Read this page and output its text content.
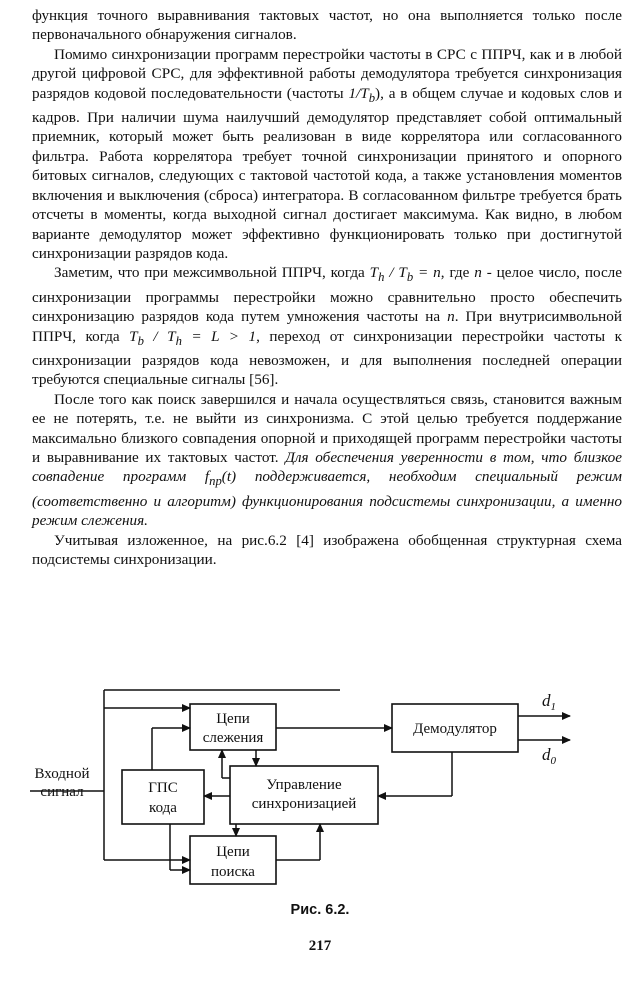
функция точного выравнивания тактовых частот, но она выполняется только после первоначального обнаружения сигналов.

Помимо синхронизации программ перестройки частоты в СРС с ППРЧ, как и в любой другой цифровой СРС, для эффективной работы демодулятора требуется синхронизация разрядов кодовой последовательности (частоты $1/T_b$), а в общем случае и кодовых слов и кадров. При наличии шума наилучший демодулятор представляет собой оптимальный приемник, который может быть реализован в виде коррелятора или согласованного фильтра. Работа коррелятора требует точной синхронизации принятого и опорного битовых сигналов, следующих с тактовой частотой кода, а также установления моментов включения и выключения (сброса) интегратора. В согласованном фильтре требуется брать отсчеты в моменты, когда выходной сигнал достигает максимума. Как видно, в любом варианте демодулятор может эффективно функционировать только при достигнутой синхронизации разрядов кода.

Заметим, что при межсимвольной ППРЧ, когда $T_h / T_b = n$, где n - целое число, после синхронизации программы перестройки можно сравнительно просто обеспечить синхронизацию разрядов кода путем умножения частоты на n. При внутрисимвольной ППРЧ, когда $T_b / T_h = L > 1$, переход от синхронизации перестройки частоты к синхронизации разрядов кода невозможен, и для выполнения последней операции требуются специальные сигналы [56].

После того как поиск завершился и начала осуществляться связь, становится важным ее не потерять, т.е. не выйти из синхронизма. С этой целью требуется поддержание максимально близкого совпадения опорной и приходящей программ перестройки частоты и выравнивание их тактовых частот. Для обеспечения уверенности в том, что близкое совпадение программ $f_{пр}(t)$ поддерживается, необходим специальный режим (соответственно и алгоритм) функционирования подсистемы синхронизации, а именно режим слежения.

Учитывая изложенное, на рис.6.2 [4] изображена обобщенная структурная схема подсистемы синхронизации.

Входной
сигнал
Цепи
слежения
ГПС
кода
Управление
синхронизацией
Цепи
поиска
Демодулятор
$d_1$
$d_0$
Рис. 6.2.
217
